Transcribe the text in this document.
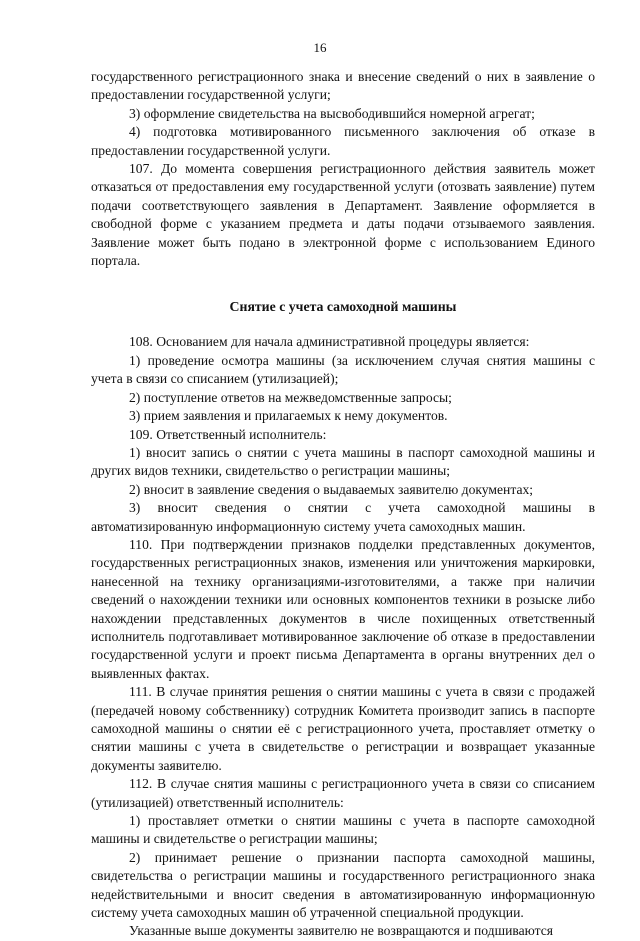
16

государственного регистрационного знака и внесение сведений о них в заявление о предоставлении государственной услуги;

3) оформление свидетельства на высвободившийся номерной агрегат;

4) подготовка мотивированного письменного заключения об отказе в предоставлении государственной услуги.

107. До момента совершения регистрационного действия заявитель может отказаться от предоставления ему государственной услуги (отозвать заявление) путем подачи соответствующего заявления в Департамент. Заявление оформляется в свободной форме с указанием предмета и даты подачи отзываемого заявления. Заявление может быть подано в электронной форме с использованием Единого портала.

Снятие с учета самоходной машины

108. Основанием для начала административной процедуры является:

1) проведение осмотра машины (за исключением случая снятия машины с учета в связи со списанием (утилизацией);

2) поступление ответов на межведомственные запросы;

3) прием заявления и прилагаемых к нему документов.

109. Ответственный исполнитель:

1) вносит запись о снятии с учета машины в паспорт самоходной машины и других видов техники, свидетельство о регистрации машины;

2) вносит в заявление сведения о выдаваемых заявителю документах;

3) вносит сведения о снятии с учета самоходной машины в автоматизированную информационную систему учета самоходных машин.

110. При подтверждении признаков подделки представленных документов, государственных регистрационных знаков, изменения или уничтожения маркировки, нанесенной на технику организациями-изготовителями, а также при наличии сведений о нахождении техники или основных компонентов техники в розыске либо нахождении представленных документов в числе похищенных ответственный исполнитель подготавливает мотивированное заключение об отказе в предоставлении государственной услуги и проект письма Департамента в органы внутренних дел о выявленных фактах.

111. В случае принятия решения о снятии машины с учета в связи с продажей (передачей новому собственнику) сотрудник Комитета производит запись в паспорте самоходной машины о снятии её с регистрационного учета, проставляет отметку о снятии машины с учета в свидетельстве о регистрации и возвращает указанные документы заявителю.

112. В случае снятия машины с регистрационного учета в связи со списанием (утилизацией) ответственный исполнитель:

1) проставляет отметки о снятии машины с учета в паспорте самоходной машины и свидетельстве о регистрации машины;

2) принимает решение о признании паспорта самоходной машины, свидетельства о регистрации машины и государственного регистрационного знака недействительными и вносит сведения в автоматизированную информационную систему учета самоходных машин об утраченной специальной продукции.

Указанные выше документы заявителю не возвращаются и подшиваются
